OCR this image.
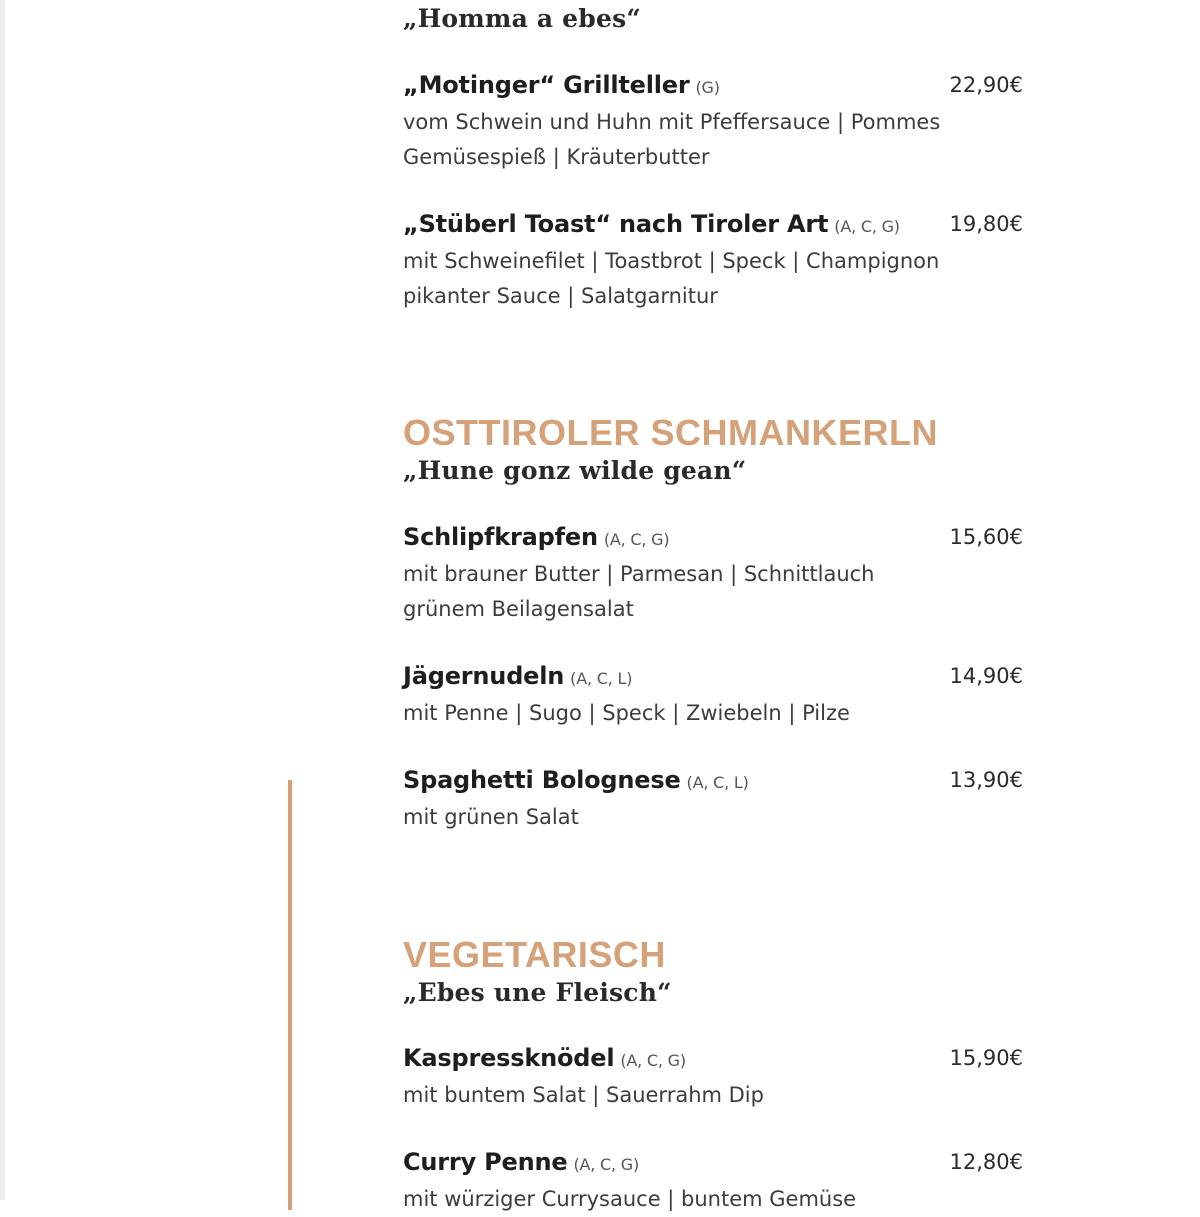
„Homma a ebes“
„Motinger“ Grillteller (G)	22,90€
vom Schwein und Huhn mit Pfeffersauce | Pommes
Gemüsespieß | Kräuterbutter
„Stüberl Toast“ nach Tiroler Art (A, C, G) 19,80€
mit Schweinefilet | Toastbrot | Speck | Champignon
pikanter Sauce | Salatgarnitur
OSTTIROLER SCHMANKERLN
„Hune gonz wilde gean“
Schlipfkrapfen (A, C, G)	15,60€
mit brauner Butter | Parmesan | Schnittlauch
grünem Beilagensalat
Jägernudeln (A, C, L)	14,90€
mit Penne | Sugo | Speck | Zwiebeln | Pilze
Spaghetti Bolognese (A, C, L)	13,90€
mit grünen Salat
VEGETARISCH
„Ebes une Fleisch“
Kaspressknödel (A, C, G)	15,90€
mit buntem Salat | Sauerrahm Dip
Curry Penne (A, C, G)	12,80€
mit würziger Currysauce | buntem Gemüse
